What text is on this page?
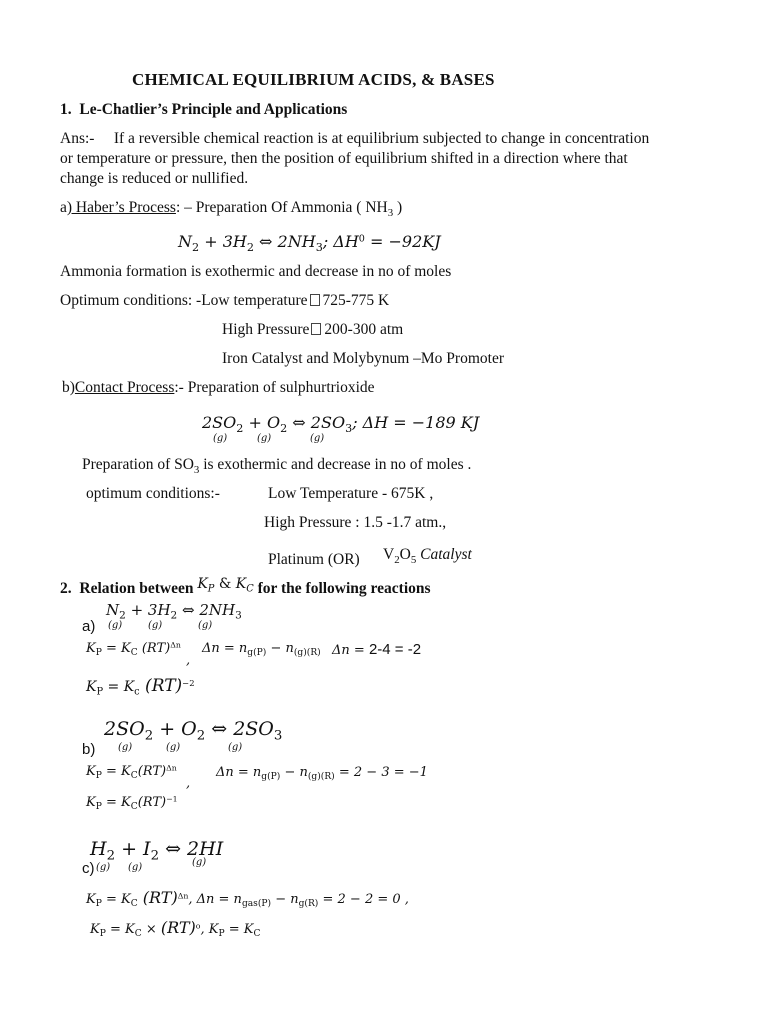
CHEMICAL EQUILIBRIUM ACIDS, & BASES
1. Le-Chatlier’s Principle and Applications
Ans:- If a reversible chemical reaction is at equilibrium subjected to change in concentration
or temperature or pressure, then the position of equilibrium shifted in a direction where that
change is reduced or nullified.
a) Haber’s Process: – Preparation Of Ammonia ( $NH_3$ )
$N_2 + 3H_2$ ⇔ $2NH_3$; $\Delta H^0 = -92KJ$
Ammonia formation is exothermic and decrease in no of moles
Optimum conditions: -Low temperature 725-775 K
High Pressure 200-300 atm
Iron Catalyst and Molybynum –Mo Promoter
b)Contact Process:- Preparation of sulphurtrioxide
$2SO_2 + O_2$ ⇔ $2SO_3$; ΔH = −189 KJ
(g)	(g)	(g)
Preparation of $SO_3$ is exothermic and decrease in no of moles .
optimum conditions:-	Low Temperature - 675K ,
High Pressure : 1.5 -1.7 atm.,
Platinum (OR) $V_2O_5$ Catalyst
2. Relation between $K_P$ & $K_C$ for the following reactions
$N_2 + 3H_2$ ⇔ $2NH_3$
a) (g)	(g)	(g)
$K_P = K_C$ (RT)$^{\Delta n}$
,
$\Delta n = n_{g(P)} - n_{(g)(R)}$ Δn = 2-4 = -2
$K_P = K_c$ (RT)$^{-2}$
$2SO_2 + O_2$ ⇔ $2SO_3$
b) (g)	(g)	(g)
$K_P = K_C(RT)^{\Delta n}$
,
$\Delta n = n_{g(P)} - n_{(g)(R)} = 2 - 3 = -1$
$K_P = K_C(RT)^{-1}$
$H_2 + I_2$ ⇔ 2HI
c) (g) (g)	(g)
$K_P = K_C$ (RT)$^{\Delta n}$, $\Delta n = n_{gas(P)} - n_{g(R)} = 2 - 2 = 0$ ,
$K_P = K_C \times (RT)^o$, $K_P = K_C$
